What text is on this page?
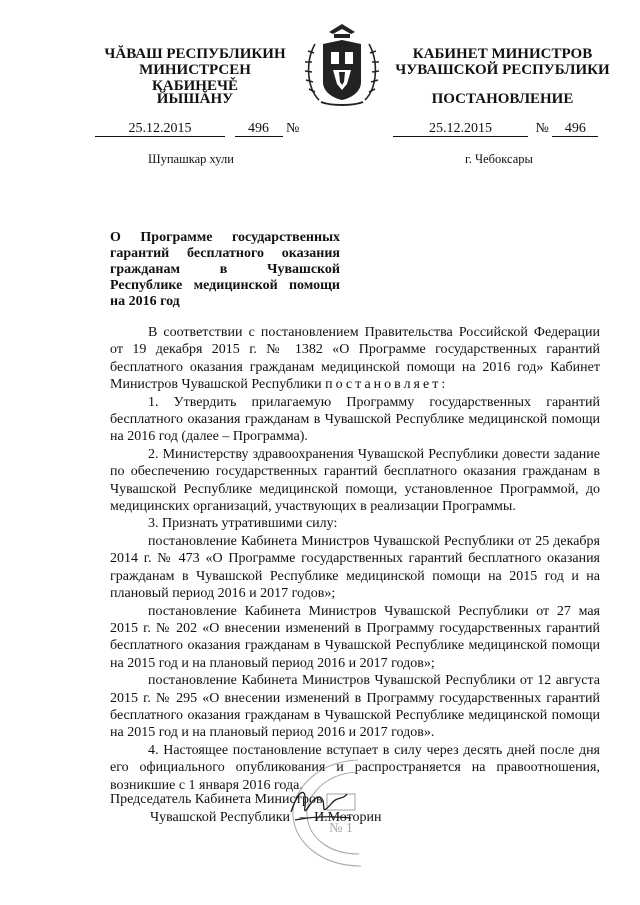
ЧĂВАШ РЕСПУБЛИКИН
МИНИСТРСЕН КАБИНЕЧĚ
КАБИНЕТ МИНИСТРОВ
ЧУВАШСКОЙ РЕСПУБЛИКИ
ЙЫШĂНУ	ПОСТАНОВЛЕНИЕ
25.12.2015	496 №	25.12.2015	№ 496
Шупашкар хули	г. Чебоксары
О Программе государственных гарантий бесплатного оказания гражданам в Чувашской Республике медицинской помощи на 2016 год

В соответствии с постановлением Правительства Российской Федерации от 19 декабря 2015 г. № 1382 «О Программе государственных гарантий бесплатного оказания гражданам медицинской помощи на 2016 год» Кабинет Министров Чувашской Республики постановляет:

1. Утвердить прилагаемую Программу государственных гарантий бесплатного оказания гражданам в Чувашской Республике медицинской помощи на 2016 год (далее – Программа).

2. Министерству здравоохранения Чувашской Республики довести задание по обеспечению государственных гарантий бесплатного оказания гражданам в Чувашской Республике медицинской помощи, установленное Программой, до медицинских организаций, участвующих в реализации Программы.

3. Признать утратившими силу:

постановление Кабинета Министров Чувашской Республики от 25 декабря 2014 г. № 473 «О Программе государственных гарантий бесплатного оказания гражданам в Чувашской Республике медицинской помощи на 2015 год и на плановый период 2016 и 2017 годов»;

постановление Кабинета Министров Чувашской Республики от 27 мая 2015 г. № 202 «О внесении изменений в Программу государственных гарантий бесплатного оказания гражданам в Чувашской Республике медицинской помощи на 2015 год и на плановый период 2016 и 2017 годов»;

постановление Кабинета Министров Чувашской Республики от 12 августа 2015 г. № 295 «О внесении изменений в Программу государственных гарантий бесплатного оказания гражданам в Чувашской Республике медицинской помощи на 2015 год и на плановый период 2016 и 2017 годов».

4. Настоящее постановление вступает в силу через десять дней после дня его официального опубликования и распространяется на правоотношения, возникшие с 1 января 2016 года.

№ 1
Председатель Кабинета Министров
Чувашской Республики – И.Моторин
